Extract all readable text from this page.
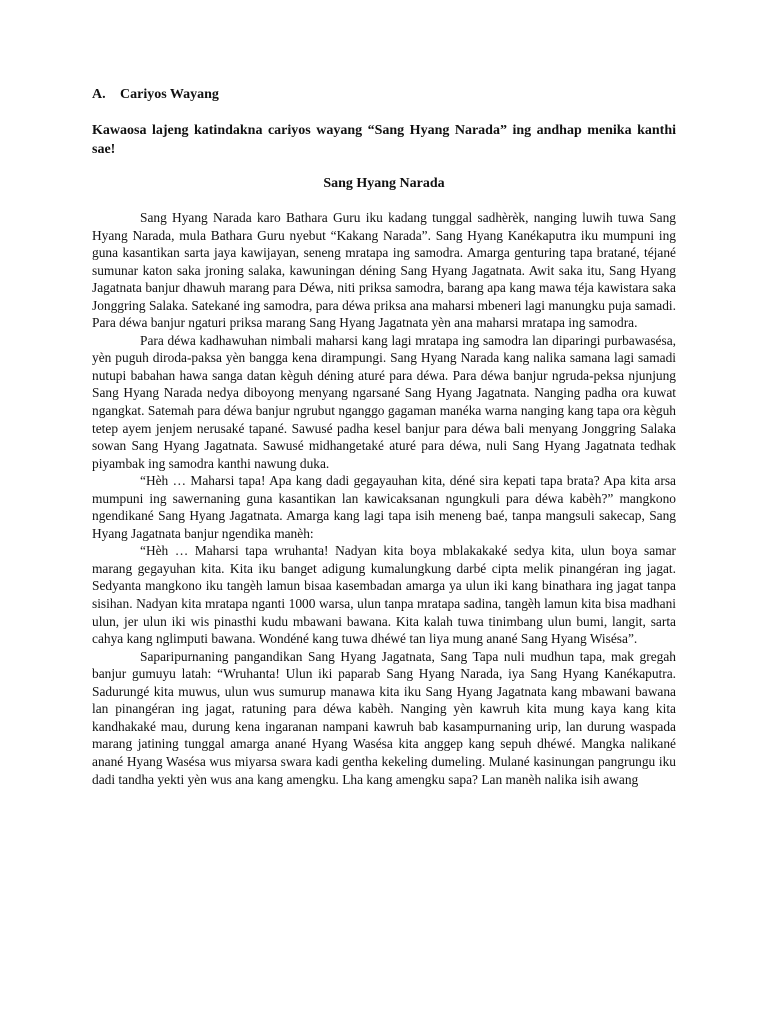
A.	Cariyos Wayang

Kawaosa lajeng katindakna cariyos wayang “Sang Hyang Narada” ing andhap menika kanthi sae!

Sang Hyang Narada

Sang Hyang Narada karo Bathara Guru iku kadang tunggal sadhèrèk, nanging luwih tuwa Sang Hyang Narada, mula Bathara Guru nyebut “Kakang Narada”. Sang Hyang Kanékaputra iku mumpuni ing guna kasantikan sarta jaya kawijayan, seneng mratapa ing samodra. Amarga genturing tapa bratané, téjané sumunar katon saka jroning salaka, kawuningan déning Sang Hyang Jagatnata. Awit saka itu, Sang Hyang Jagatnata banjur dhawuh marang para Déwa, niti priksa samodra, barang apa kang mawa téja kawistara saka Jonggring Salaka. Satekané ing samodra, para déwa priksa ana maharsi mbeneri lagi manungku puja samadi. Para déwa banjur ngaturi priksa marang Sang Hyang Jagatnata yèn ana maharsi mratapa ing samodra.

Para déwa kadhawuhan nimbali maharsi kang lagi mratapa ing samodra lan diparingi purbawasésa, yèn puguh diroda-paksa yèn bangga kena dirampungi. Sang Hyang Narada kang nalika samana lagi samadi nutupi babahan hawa sanga datan kèguh déning aturé para déwa. Para déwa banjur ngruda-peksa njunjung Sang Hyang Narada nedya diboyong menyang ngarsané Sang Hyang Jagatnata. Nanging padha ora kuwat ngangkat. Satemah para déwa banjur ngrubut nganggo gagaman manéka warna nanging kang tapa ora kèguh tetep ayem jenjem nerusaké tapané. Sawusé padha kesel banjur para déwa bali menyang Jonggring Salaka sowan Sang Hyang Jagatnata. Sawusé midhangetaké aturé para déwa, nuli Sang Hyang Jagatnata tedhak piyambak ing samodra kanthi nawung duka.

“Hèh … Maharsi tapa! Apa kang dadi gegayauhan kita, déné sira kepati tapa brata? Apa kita arsa mumpuni ing sawernaning guna kasantikan lan kawicaksanan ngungkuli para déwa kabèh?” mangkono ngendikané Sang Hyang Jagatnata. Amarga kang lagi tapa isih meneng baé, tanpa mangsuli sakecap, Sang Hyang Jagatnata banjur ngendika manèh:

“Hèh … Maharsi tapa wruhanta! Nadyan kita boya mblakakaké sedya kita, ulun boya samar marang gegayuhan kita. Kita iku banget adigung kumalungkung darbé cipta melik pinangéran ing jagat. Sedyanta mangkono iku tangèh lamun bisaa kasembadan amarga ya ulun iki kang binathara ing jagat tanpa sisihan. Nadyan kita mratapa nganti 1000 warsa, ulun tanpa mratapa sadina, tangèh lamun kita bisa madhani ulun, jer ulun iki wis pinasthi kudu mbawani bawana. Kita kalah tuwa tinimbang ulun bumi, langit, sarta cahya kang nglimputi bawana. Wondéné kang tuwa dhéwé tan liya mung anané Sang Hyang Wisésa”.

Saparipurnaning pangandikan Sang Hyang Jagatnata, Sang Tapa nuli mudhun tapa, mak gregah banjur gumuyu latah: “Wruhanta! Ulun iki paparab Sang Hyang Narada, iya Sang Hyang Kanékaputra. Sadurungé kita muwus, ulun wus sumurup manawa kita iku Sang Hyang Jagatnata kang mbawani bawana lan pinangéran ing jagat, ratuning para déwa kabèh. Nanging yèn kawruh kita mung kaya kang kita kandhakaké mau, durung kena ingaranan nampani kawruh bab kasampurnaning urip, lan durung waspada marang jatining tunggal amarga anané Hyang Wasésa kita anggep kang sepuh dhéwé. Mangka nalikané anané Hyang Wasésa wus miyarsa swara kadi gentha kekeling dumeling. Mulané kasinungan pangrungu iku dadi tandha yekti yèn wus ana kang amengku. Lha kang amengku sapa? Lan manèh nalika isih awang
